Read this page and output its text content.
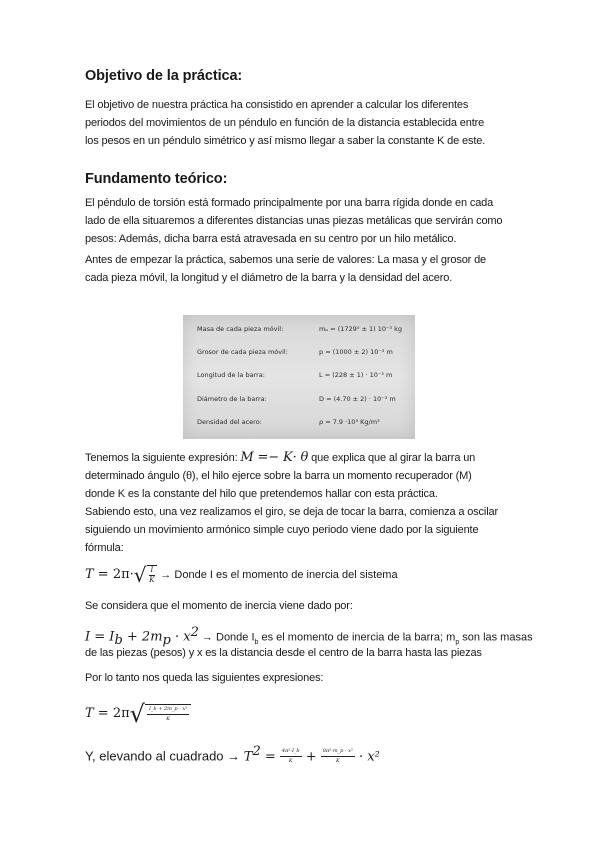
Objetivo de la práctica:
El objetivo de nuestra práctica ha consistido en aprender a calcular los diferentes
periodos del movimientos de un péndulo en función de la distancia establecida entre
los pesos en un péndulo simétrico y así mismo llegar a saber la constante K de este.
Fundamento teórico:
El péndulo de torsión está formado principalmente por una barra rígida donde en cada
lado de ella situaremos a diferentes distancias unas piezas metálicas que servirán como
pesos: Además, dicha barra está atravesada en su centro por un hilo metálico.
Antes de empezar la práctica, sabemos una serie de valores: La masa y el grosor de
cada pieza móvil, la longitud y el diámetro de la barra y la densidad del acero.
Masa de cada pieza móvil:	mₚ = (1729⁰ ± 1) 10⁻³ kg
Grosor de cada pieza móvil:	p = (1000 ± 2) 10⁻³ m
Longitud de la barra:	L = (228 ± 1) · 10⁻³ m
Diámetro de la barra:	D = (4.70 ± 2) · 10⁻³ m
Densidad del acero:	ρ = 7.9 ·10³ Kg/m³
Tenemos la siguiente expresión: M =− K· θ que explica que al girar la barra un
determinado ángulo (θ), el hilo ejerce sobre la barra un momento recuperador (M)
donde K es la constante del hilo que pretendemos hallar con esta práctica.
Sabiendo esto, una vez realizamos el giro, se deja de tocar la barra, comienza a oscilar
siguiendo un movimiento armónico simple cuyo periodo viene dado por la siguiente
fórmula:
$T = 2\pi\cdot√ \frac{I}{K}$ → Donde I es el momento de inercia del sistema
Se considera que el momento de inercia viene dado por:
$I = I_b + 2m_p \cdot x^2$ → Donde $I_b$ es el momento de inercia de la barra; $m_p$ son las masas
de las piezas (pesos) y x es la distancia desde el centro de la barra hasta las piezas
Por lo tanto nos queda las siguientes expresiones:
$T = 2\pi√ \frac{\text{I\_b + 2m\_p · x²}}{K}$
Y, elevando al cuadrado → $T^2 = \frac{\text{4π²·I\_b}}{K} + \frac{\text{8π²·m\_p · x²}}{K} \cdot x^2$
